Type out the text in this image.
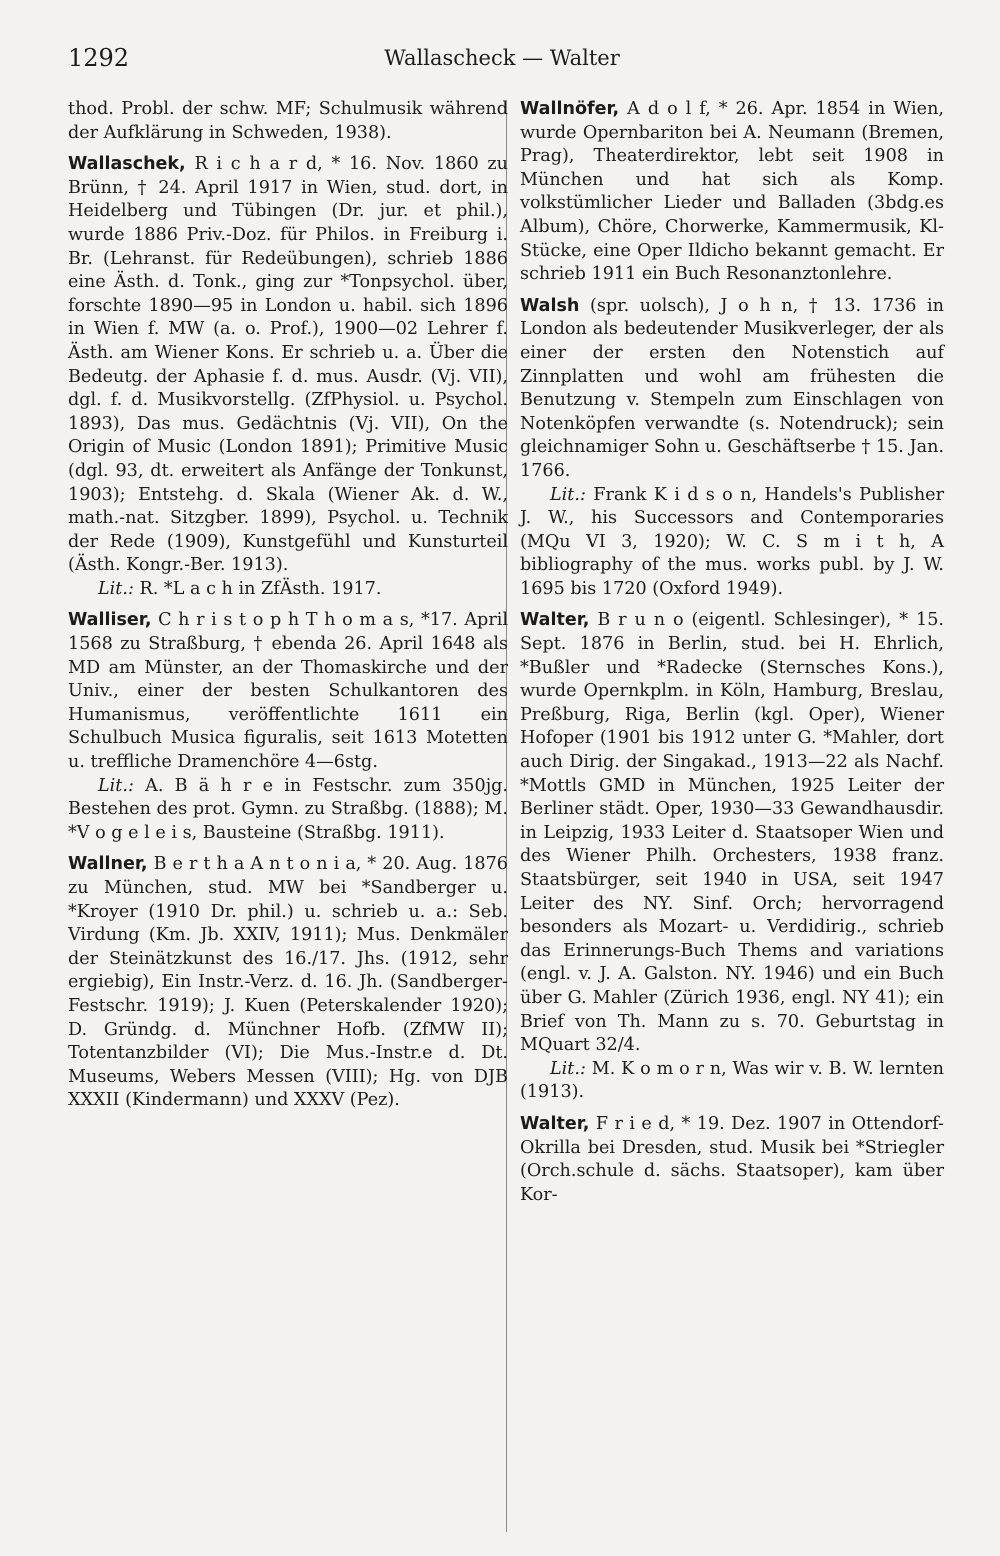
1292	Wallascheck — Walter

thod. Probl. der schw. MF; Schulmusik während der Aufklärung in Schweden, 1938).

Wallaschek, R i c h a r d, * 16. Nov. 1860 zu Brünn, † 24. April 1917 in Wien, stud. dort, in Heidelberg und Tübingen (Dr. jur. et phil.), wurde 1886 Priv.-Doz. für Philos. in Freiburg i. Br. (Lehranst. für Redeübungen), schrieb 1886 eine Ästh. d. Tonk., ging zur *Tonpsychol. über, forschte 1890—95 in London u. habil. sich 1896 in Wien f. MW (a. o. Prof.), 1900—02 Lehrer f. Ästh. am Wiener Kons. Er schrieb u. a. Über die Bedeutg. der Aphasie f. d. mus. Ausdr. (Vj. VII), dgl. f. d. Musikvorstellg. (ZfPhysiol. u. Psychol. 1893), Das mus. Gedächtnis (Vj. VII), On the Origin of Music (London 1891); Primitive Music (dgl. 93, dt. erweitert als Anfänge der Tonkunst, 1903); Entstehg. d. Skala (Wiener Ak. d. W., math.-nat. Sitzgber. 1899), Psychol. u. Technik der Rede (1909), Kunstgefühl und Kunsturteil (Ästh. Kongr.-Ber. 1913).
Lit.: R. *L a c h in ZfÄsth. 1917.

Walliser, C h r i s t o p h T h o m a s, *17. April 1568 zu Straßburg, † ebenda 26. April 1648 als MD am Münster, an der Thomaskirche und der Univ., einer der besten Schulkantoren des Humanismus, veröffentlichte 1611 ein Schulbuch Musica figuralis, seit 1613 Motetten u. treffliche Dramenchöre 4—6stg.
Lit.: A. B ä h r e in Festschr. zum 350jg. Bestehen des prot. Gymn. zu Straßbg. (1888); M. *V o g e l e i s, Bausteine (Straßbg. 1911).

Wallner, B e r t h a A n t o n i a, * 20. Aug. 1876 zu München, stud. MW bei *Sandberger u. *Kroyer (1910 Dr. phil.) u. schrieb u. a.: Seb. Virdung (Km. Jb. XXIV, 1911); Mus. Denkmäler der Steinätzkunst des 16./17. Jhs. (1912, sehr ergiebig), Ein Instr.-Verz. d. 16. Jh. (Sandberger-Festschr. 1919); J. Kuen (Peterskalender 1920); D. Gründg. d. Münchner Hofb. (ZfMW II); Totentanzbilder (VI); Die Mus.-Instr.e d. Dt. Museums, Webers Messen (VIII); Hg. von DJB XXXII (Kindermann) und XXXV (Pez).

Wallnöfer, A d o l f, * 26. Apr. 1854 in Wien, wurde Opernbariton bei A. Neumann (Bremen, Prag), Theaterdirektor, lebt seit 1908 in München und hat sich als Komp. volkstümlicher Lieder und Balladen (3bdg.es Album), Chöre, Chorwerke, Kammermusik, Kl-Stücke, eine Oper Ildicho bekannt gemacht. Er schrieb 1911 ein Buch Resonanztonlehre.

Walsh (spr. uolsch), J o h n, † 13. 1736 in London als bedeutender Musikverleger, der als einer der ersten den Notenstich auf Zinnplatten und wohl am frühesten die Benutzung v. Stempeln zum Einschlagen von Notenköpfen verwandte (s. Notendruck); sein gleichnamiger Sohn u. Geschäftserbe † 15. Jan. 1766.
Lit.: Frank K i d s o n, Handels's Publisher J. W., his Successors and Contemporaries (MQu VI 3, 1920); W. C. S m i t h, A bibliography of the mus. works publ. by J. W. 1695 bis 1720 (Oxford 1949).

Walter, B r u n o (eigentl. Schlesinger), * 15. Sept. 1876 in Berlin, stud. bei H. Ehrlich, *Bußler und *Radecke (Sternsches Kons.), wurde Opernkplm. in Köln, Hamburg, Breslau, Preßburg, Riga, Berlin (kgl. Oper), Wiener Hofoper (1901 bis 1912 unter G. *Mahler, dort auch Dirig. der Singakad., 1913—22 als Nachf. *Mottls GMD in München, 1925 Leiter der Berliner städt. Oper, 1930—33 Gewandhausdir. in Leipzig, 1933 Leiter d. Staatsoper Wien und des Wiener Philh. Orchesters, 1938 franz. Staatsbürger, seit 1940 in USA, seit 1947 Leiter des NY. Sinf. Orch; hervorragend besonders als Mozart- u. Verdidirig., schrieb das Erinnerungs-Buch Thems and variations (engl. v. J. A. Galston. NY. 1946) und ein Buch über G. Mahler (Zürich 1936, engl. NY 41); ein Brief von Th. Mann zu s. 70. Geburtstag in MQuart 32/4.
Lit.: M. K o m o r n, Was wir v. B. W. lernten (1913).

Walter, F r i e d, * 19. Dez. 1907 in Ottendorf-Okrilla bei Dresden, stud. Musik bei *Striegler (Orch.schule d. sächs. Staatsoper), kam über Kor-
